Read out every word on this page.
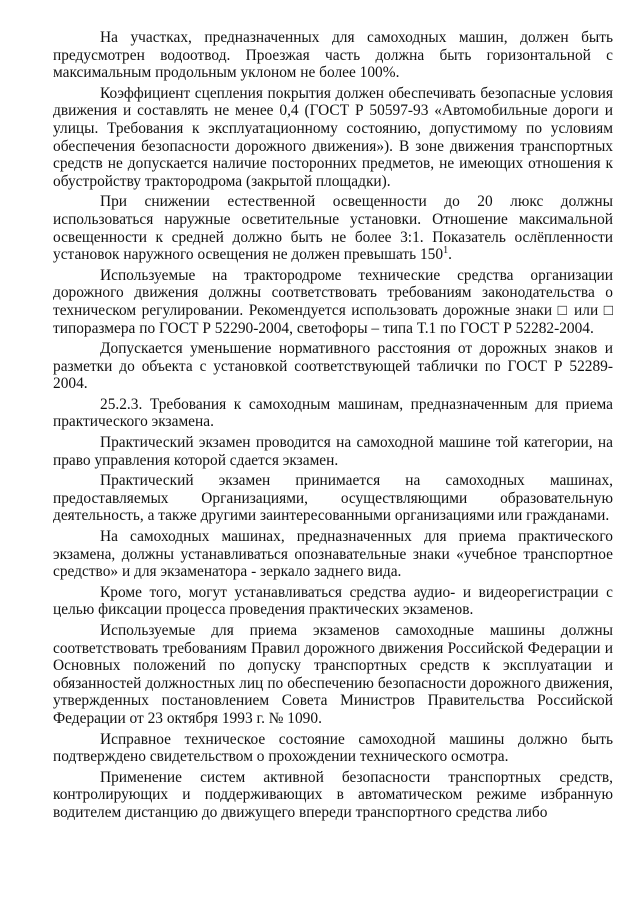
На участках, предназначенных для самоходных машин, должен быть предусмотрен водоотвод. Проезжая часть должна быть горизонтальной с максимальным продольным уклоном не более 100%.

Коэффициент сцепления покрытия должен обеспечивать безопасные условия движения и составлять не менее 0,4 (ГОСТ Р 50597-93 «Автомобильные дороги и улицы. Требования к эксплуатационному состоянию, допустимому по условиям обеспечения безопасности дорожного движения»). В зоне движения транспортных средств не допускается наличие посторонних предметов, не имеющих отношения к обустройству трактородрома (закрытой площадки).

При снижении естественной освещенности до 20 люкс должны использоваться наружные осветительные установки. Отношение максимальной освещенности к средней должно быть не более 3:1. Показатель ослёпленности установок наружного освещения не должен превышать $150^1$.

Используемые на трактородроме технические средства организации дорожного движения должны соответствовать требованиям законодательства о техническом регулировании. Рекомендуется использовать дорожные знаки □ или □ типоразмера по ГОСТ Р 52290-2004, светофоры – типа Т.1 по ГОСТ Р 52282-2004.

Допускается уменьшение нормативного расстояния от дорожных знаков и разметки до объекта с установкой соответствующей таблички по ГОСТ Р 52289-2004.

25.2.3. Требования к самоходным машинам, предназначенным для приема практического экзамена.

Практический экзамен проводится на самоходной машине той категории, на право управления которой сдается экзамен.

Практический экзамен принимается на самоходных машинах, предоставляемых Организациями, осуществляющими образовательную деятельность, а также другими заинтересованными организациями или гражданами.

На самоходных машинах, предназначенных для приема практического экзамена, должны устанавливаться опознавательные знаки «учебное транспортное средство» и для экзаменатора - зеркало заднего вида.

Кроме того, могут устанавливаться средства аудио- и видеорегистрации с целью фиксации процесса проведения практических экзаменов.

Используемые для приема экзаменов самоходные машины должны соответствовать требованиям Правил дорожного движения Российской Федерации и Основных положений по допуску транспортных средств к эксплуатации и обязанностей должностных лиц по обеспечению безопасности дорожного движения, утвержденных постановлением Совета Министров Правительства Российской Федерации от 23 октября 1993 г. № 1090.

Исправное техническое состояние самоходной машины должно быть подтверждено свидетельством о прохождении технического осмотра.

Применение систем активной безопасности транспортных средств, контролирующих и поддерживающих в автоматическом режиме избранную водителем дистанцию до движущего впереди транспортного средства либо
